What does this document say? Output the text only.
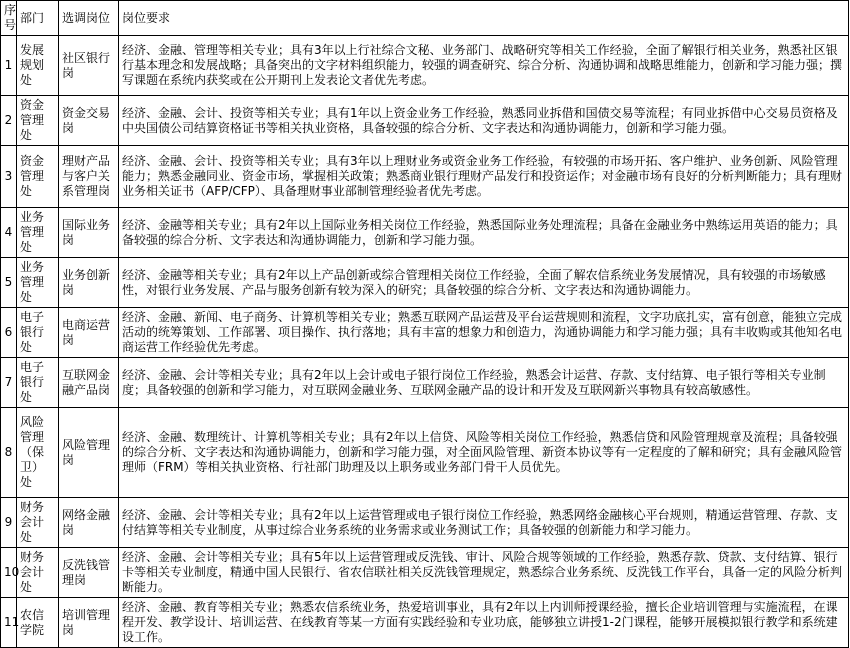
序号	部门	选调岗位	岗位要求
1	发展规划处	社区银行岗	经济、金融、管理等相关专业；具有3年以上行社综合文秘、业务部门、战略研究等相关工作经验，全面了解银行相关业务，熟悉社区银行基本理念和发展战略；具备突出的文字材料组织能力，较强的调查研究、综合分析、沟通协调和战略思维能力，创新和学习能力强；撰写课题在系统内获奖或在公开期刊上发表论文者优先考虑。
2	资金管理处	资金交易岗	经济、金融、会计、投资等相关专业；具有1年以上资金业务工作经验，熟悉同业拆借和国债交易等流程；有同业拆借中心交易员资格及中央国债公司结算资格证书等相关执业资格，具备较强的综合分析、文字表达和沟通协调能力，创新和学习能力强。
3	资金管理处	理财产品与客户关系管理岗	经济、金融、会计、投资等相关专业；具有3年以上理财业务或资金业务工作经验，有较强的市场开拓、客户维护、业务创新、风险管理能力；熟悉金融同业、资金市场，掌握相关政策；熟悉商业银行理财产品发行和投资运作；对金融市场有良好的分析判断能力；具有理财业务相关证书（AFP/CFP）、具备理财事业部制管理经验者优先考虑。
4	业务管理处	国际业务岗	经济、金融等相关专业；具有2年以上国际业务相关岗位工作经验，熟悉国际业务处理流程；具备在金融业务中熟练运用英语的能力；具备较强的综合分析、文字表达和沟通协调能力，创新和学习能力强。
5	业务管理处	业务创新岗	经济、金融等相关专业；具有2年以上产品创新或综合管理相关岗位工作经验，全面了解农信系统业务发展情况，具有较强的市场敏感性，对银行业务发展、产品与服务创新有较为深入的研究；具备较强的综合分析、文字表达和沟通协调能力。
6	电子银行处	电商运营岗	经济、金融、新闻、电子商务、计算机等相关专业；熟悉互联网产品运营及平台运营规则和流程，文字功底扎实，富有创意，能独立完成活动的统筹策划、工作部署、项目操作、执行落地；具有丰富的想象力和创造力，沟通协调能力和学习能力强；具有丰收购或其他知名电商运营工作经验优先考虑。
7	电子银行处	互联网金融产品岗	经济、金融、会计等相关专业；具有2年以上会计或电子银行岗位工作经验，熟悉会计运营、存款、支付结算、电子银行等相关专业制度；具备较强的创新和学习能力，对互联网金融业务、互联网金融产品的设计和开发及互联网新兴事物具有较高敏感性。
8	风险管理（保卫）处	风险管理岗	经济、金融、数理统计、计算机等相关专业；具有2年以上信贷、风险等相关岗位工作经验，熟悉信贷和风险管理规章及流程；具备较强的综合分析、文字表达和沟通协调能力，创新和学习能力强，对全面风险管理、新资本协议等有一定程度的了解和研究；具有金融风险管理师（FRM）等相关执业资格、行社部门助理及以上职务或业务部门骨干人员优先。
9	财务会计处	网络金融岗	经济、金融、会计等相关专业；具有2年以上运营管理或电子银行岗位工作经验，熟悉网络金融核心平台规则，精通运营管理、存款、支付结算等相关专业制度，从事过综合业务系统的业务需求或业务测试工作；具备较强的创新能力和学习能力。
10	财务会计处	反洗钱管理岗	经济、金融、会计等相关专业；具有5年以上运营管理或反洗钱、审计、风险合规等领域的工作经验，熟悉存款、贷款、支付结算、银行卡等相关专业制度，精通中国人民银行、省农信联社相关反洗钱管理规定，熟悉综合业务系统、反洗钱工作平台，具备一定的风险分析判断能力。
11	农信学院	培训管理岗	经济、金融、教育等相关专业；熟悉农信系统业务，热爱培训事业，具有2年以上内训师授课经验，擅长企业培训管理与实施流程，在课程开发、教学设计、培训运营、在线教育等某一方面有实践经验和专业功底，能够独立讲授1-2门课程，能够开展模拟银行教学和系统建设工作。
